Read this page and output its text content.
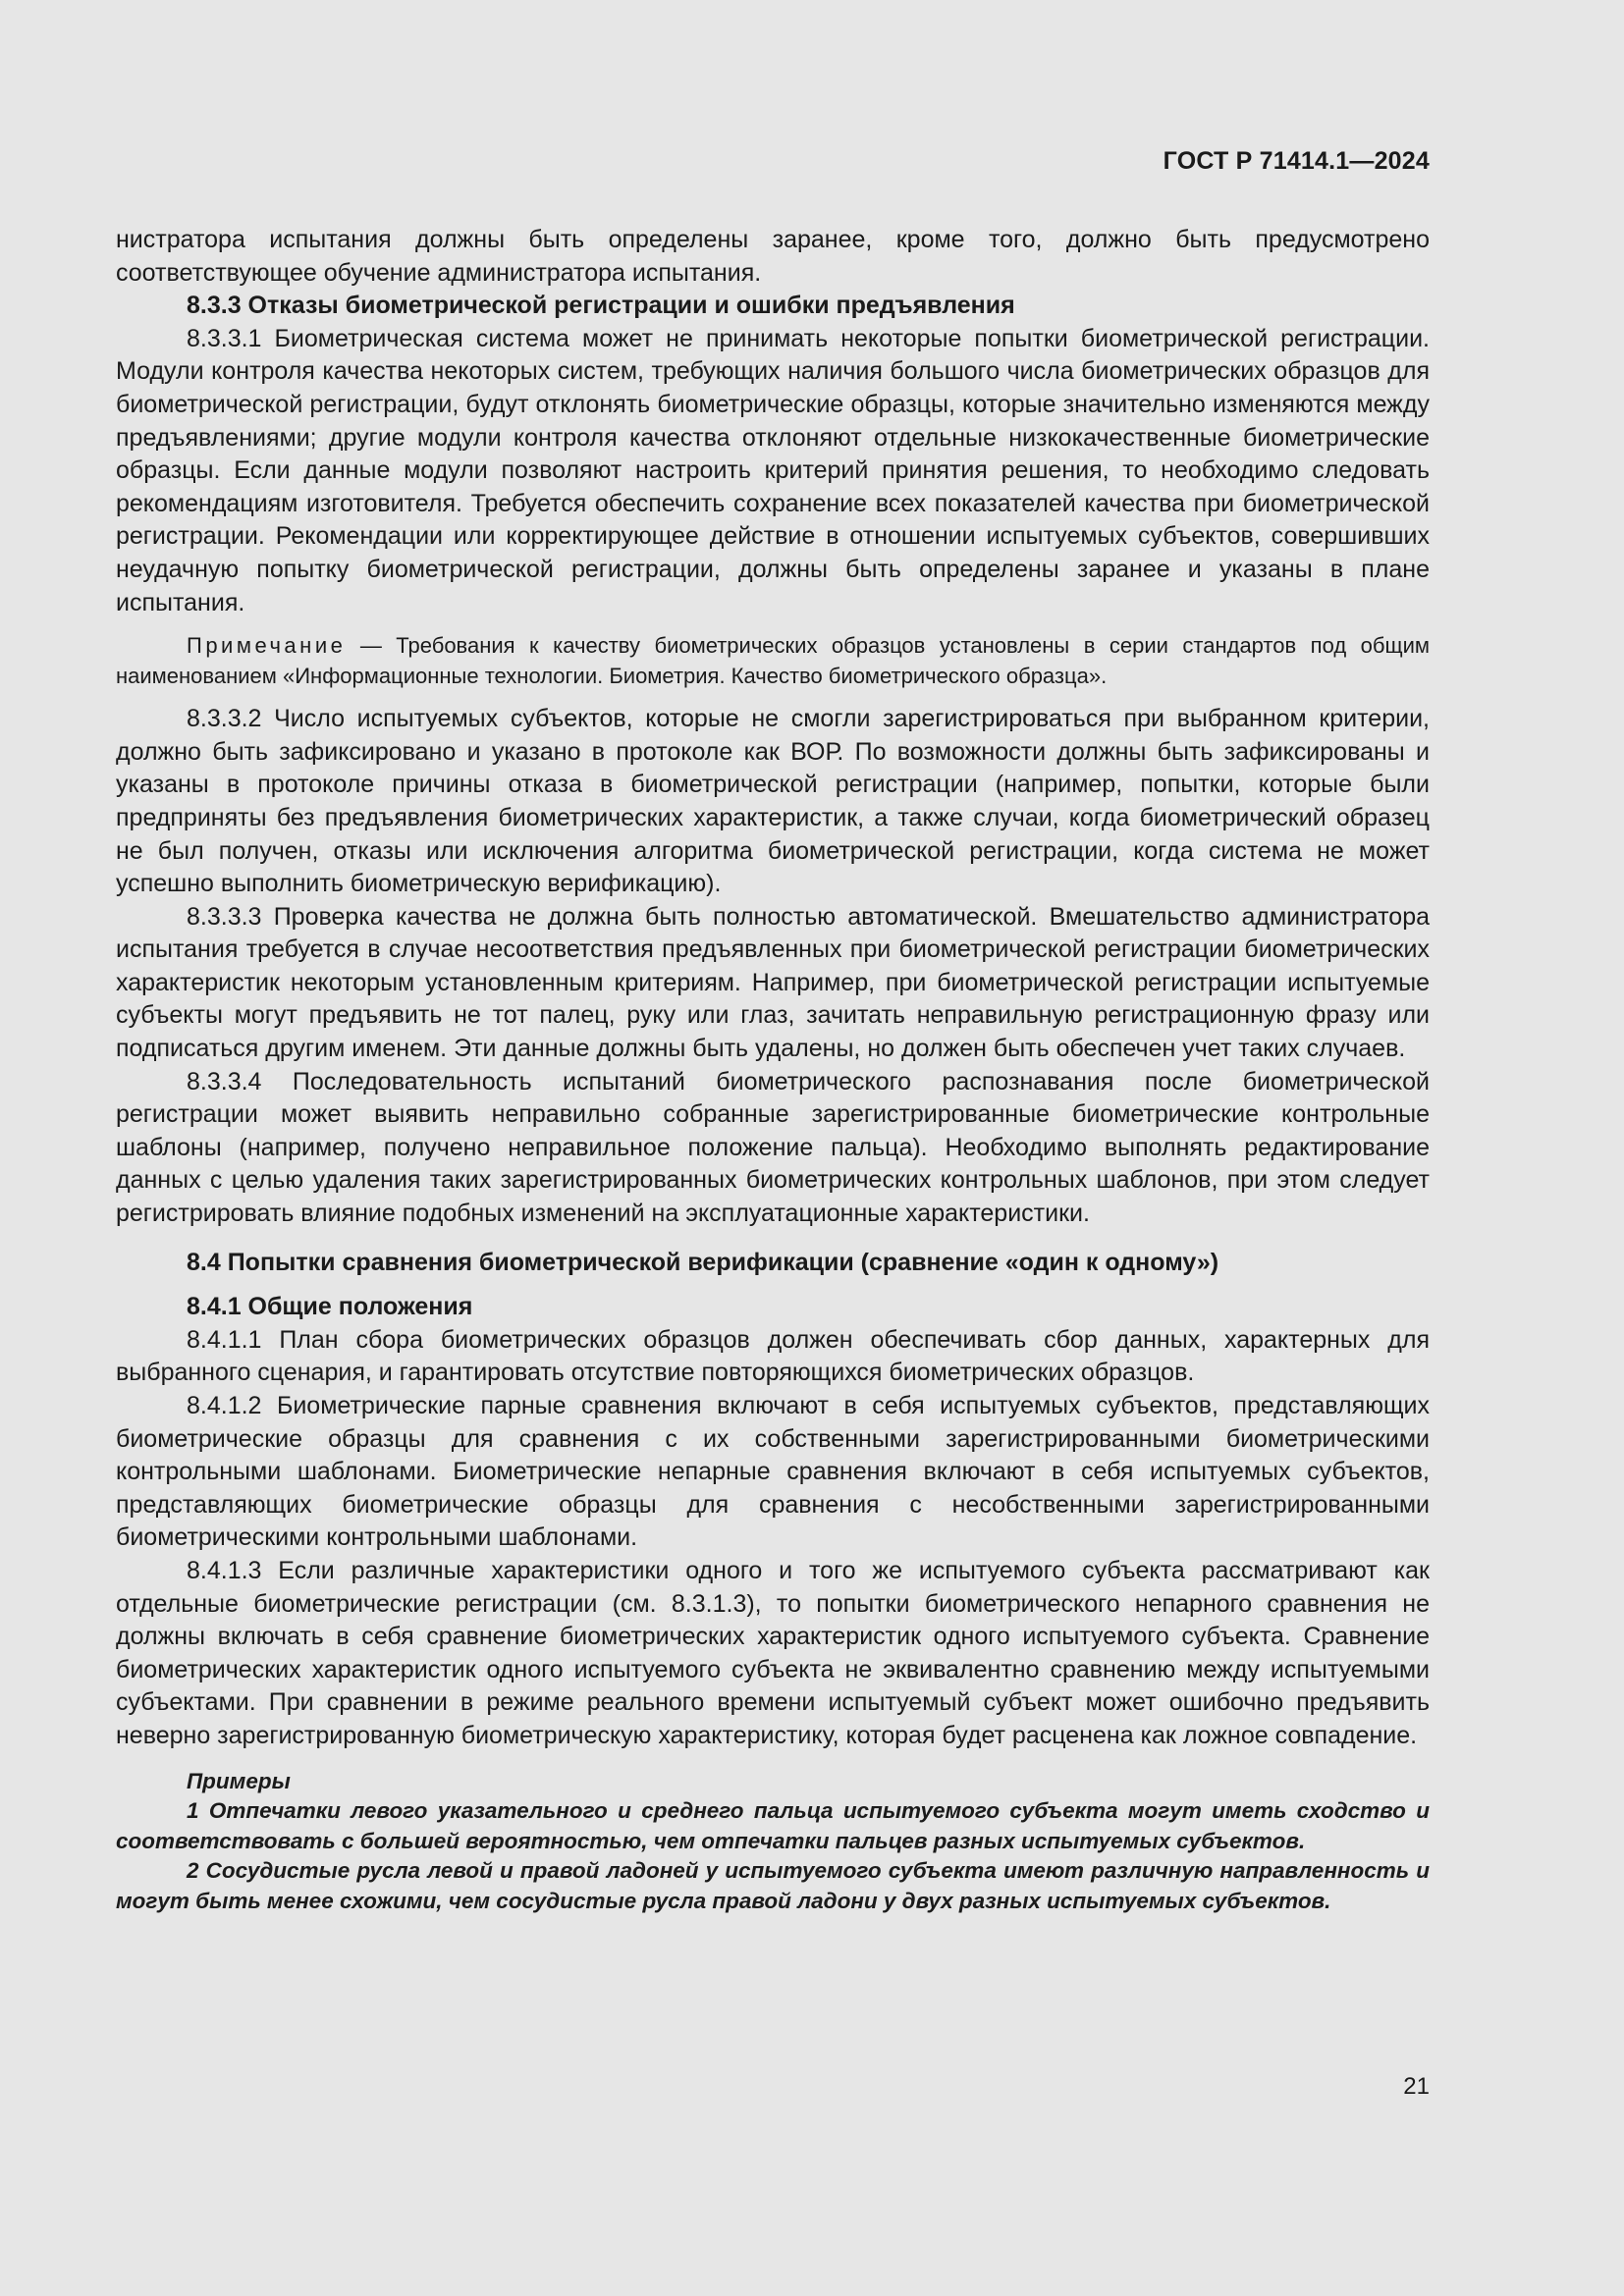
ГОСТ Р 71414.1—2024

нистратора испытания должны быть определены заранее, кроме того, должно быть предусмотрено соответствующее обучение администратора испытания.

8.3.3 Отказы биометрической регистрации и ошибки предъявления

8.3.3.1 Биометрическая система может не принимать некоторые попытки биометрической регистрации. Модули контроля качества некоторых систем, требующих наличия большого числа биометрических образцов для биометрической регистрации, будут отклонять биометрические образцы, которые значительно изменяются между предъявлениями; другие модули контроля качества отклоняют отдельные низкокачественные биометрические образцы. Если данные модули позволяют настроить критерий принятия решения, то необходимо следовать рекомендациям изготовителя. Требуется обеспечить сохранение всех показателей качества при биометрической регистрации. Рекомендации или корректирующее действие в отношении испытуемых субъектов, совершивших неудачную попытку биометрической регистрации, должны быть определены заранее и указаны в плане испытания.

Примечание — Требования к качеству биометрических образцов установлены в серии стандартов под общим наименованием «Информационные технологии. Биометрия. Качество биометрического образца».

8.3.3.2 Число испытуемых субъектов, которые не смогли зарегистрироваться при выбранном критерии, должно быть зафиксировано и указано в протоколе как ВОР. По возможности должны быть зафиксированы и указаны в протоколе причины отказа в биометрической регистрации (например, попытки, которые были предприняты без предъявления биометрических характеристик, а также случаи, когда биометрический образец не был получен, отказы или исключения алгоритма биометрической регистрации, когда система не может успешно выполнить биометрическую верификацию).

8.3.3.3 Проверка качества не должна быть полностью автоматической. Вмешательство администратора испытания требуется в случае несоответствия предъявленных при биометрической регистрации биометрических характеристик некоторым установленным критериям. Например, при биометрической регистрации испытуемые субъекты могут предъявить не тот палец, руку или глаз, зачитать неправильную регистрационную фразу или подписаться другим именем. Эти данные должны быть удалены, но должен быть обеспечен учет таких случаев.

8.3.3.4 Последовательность испытаний биометрического распознавания после биометрической регистрации может выявить неправильно собранные зарегистрированные биометрические контрольные шаблоны (например, получено неправильное положение пальца). Необходимо выполнять редактирование данных с целью удаления таких зарегистрированных биометрических контрольных шаблонов, при этом следует регистрировать влияние подобных изменений на эксплуатационные характеристики.

8.4 Попытки сравнения биометрической верификации (сравнение «один к одному»)

8.4.1 Общие положения

8.4.1.1 План сбора биометрических образцов должен обеспечивать сбор данных, характерных для выбранного сценария, и гарантировать отсутствие повторяющихся биометрических образцов.

8.4.1.2 Биометрические парные сравнения включают в себя испытуемых субъектов, представляющих биометрические образцы для сравнения с их собственными зарегистрированными биометрическими контрольными шаблонами. Биометрические непарные сравнения включают в себя испытуемых субъектов, представляющих биометрические образцы для сравнения с несобственными зарегистрированными биометрическими контрольными шаблонами.

8.4.1.3 Если различные характеристики одного и того же испытуемого субъекта рассматривают как отдельные биометрические регистрации (см. 8.3.1.3), то попытки биометрического непарного сравнения не должны включать в себя сравнение биометрических характеристик одного испытуемого субъекта. Сравнение биометрических характеристик одного испытуемого субъекта не эквивалентно сравнению между испытуемыми субъектами. При сравнении в режиме реального времени испытуемый субъект может ошибочно предъявить неверно зарегистрированную биометрическую характеристику, которая будет расценена как ложное совпадение.

Примеры

1 Отпечатки левого указательного и среднего пальца испытуемого субъекта могут иметь сходство и соответствовать с большей вероятностью, чем отпечатки пальцев разных испытуемых субъектов.

2 Сосудистые русла левой и правой ладоней у испытуемого субъекта имеют различную направленность и могут быть менее схожими, чем сосудистые русла правой ладони у двух разных испытуемых субъектов.

21
